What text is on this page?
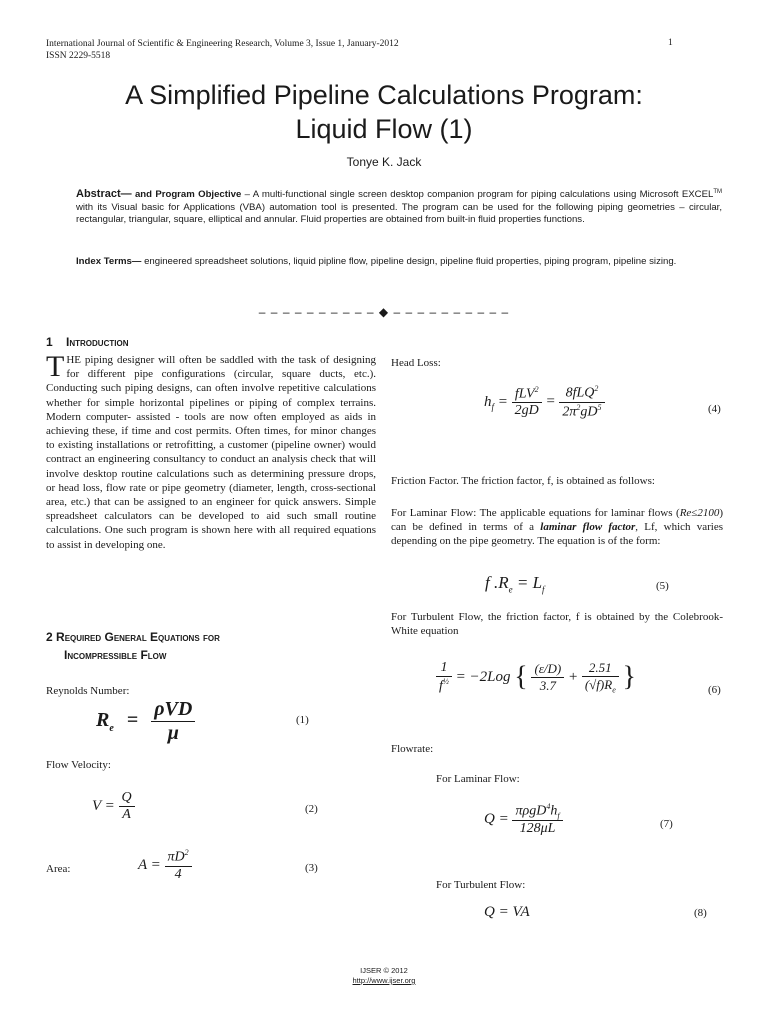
International Journal of Scientific & Engineering Research, Volume 3, Issue 1, January-2012
ISSN 2229-5518
1
A Simplified Pipeline Calculations Program:
Liquid Flow (1)
Tonye K. Jack
Abstract— and Program Objective – A multi-functional single screen desktop companion program for piping calculations using Microsoft EXCEL™ with its Visual basic for Applications (VBA) automation tool is presented. The program can be used for the following piping geometries – circular, rectangular, triangular, square, elliptical and annular. Fluid properties are obtained from built-in fluid properties functions.
Index Terms— engineered spreadsheet solutions, liquid pipline flow, pipeline design, pipeline fluid properties, piping program, pipeline sizing.
– – – – – – – – – – ◆ – – – – – – – – – –
1 Introduction
THE piping designer will often be saddled with the task of designing for different pipe configurations (circular, square ducts, etc.). Conducting such piping designs, can often involve repetitive calculations whether for simple horizontal pipelines or piping of complex terrains. Modern computer- assisted - tools are now often employed as aids in achieving these, if time and cost permits. Often times, for minor changes to existing installations or retrofitting, a customer (pipeline owner) would contract an engineering consultancy to conduct an analysis check that will involve desktop routine calculations such as determining pressure drops, or head loss, flow rate or pipe geometry (diameter, length, cross-sectional area, etc.) that can be assigned to an engineer for quick answers. Simple spreadsheet calculators can be developed to aid such small routine calculations. One such program is shown here with all required equations to assist in developing one.
2 Required General Equations for
Incompressible Flow
Reynolds Number:
$R_e = \frac{\text{ρVD}}{\mu}$	(1)
Flow Velocity:
$V = \frac{Q}{A}$	(2)
Area:	$A = \frac{\pi D^2}{4}$	(3)
Head Loss:
$h_f = \frac{fLV^2}{2gD} = \frac{8fLQ^2}{2\pi^2gD^5}$	(4)
Friction Factor. The friction factor, f, is obtained as follows:
For Laminar Flow: The applicable equations for laminar flows (Re≤2100) can be defined in terms of a laminar flow factor, Lf, which varies depending on the pipe geometry. The equation is of the form:
f $.R_e = L_f$	(5)
For Turbulent Flow, the friction factor, f is obtained by the Colebrook-White equation
$\frac{1}{f^{\frac{1}{2}}} = -2Log$ { $\frac{(\varepsilon/D)}{3.7} + \frac{2.51}{(√f)R_e}$ }	(6)
Flowrate:
For Laminar Flow:
$Q = \frac{\pi\rho gD^4h_f}{128\mu L}$	(7)
For Turbulent Flow:
Q = VA	(8)
IJSER © 2012
http://www.ijser.org
